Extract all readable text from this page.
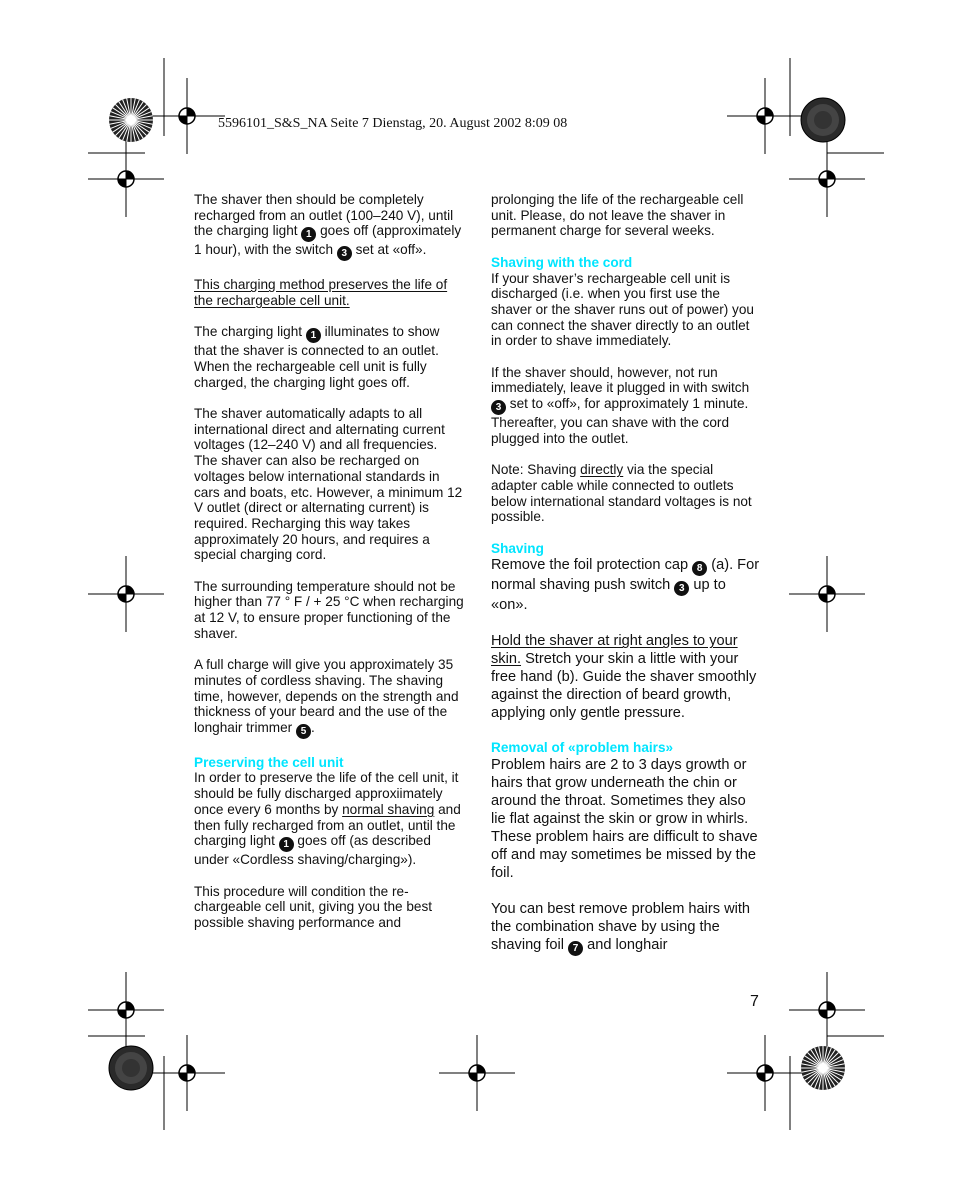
5596101_S&S_NA Seite 7 Dienstag, 20. August 2002 8:09 08

The shaver then should be completely recharged from an outlet (100–240 V), until the charging light 1 goes off (approximately 1 hour), with the switch 3 set at «off».

This charging method preserves the life of the rechargeable cell unit.

The charging light 1 illuminates to show that the shaver is connected to an outlet. When the rechargeable cell unit is fully charged, the charging light goes off.

The shaver automatically adapts to all international direct and alternating current voltages (12–240 V) and all frequencies. The shaver can also be recharged on voltages below international standards in cars and boats, etc. However, a minimum 12 V outlet (direct or alternating current) is required. Recharging this way takes approximately 20 hours, and requires a special charging cord.

The surrounding temperature should not be higher than 77 ° F / + 25 °C when recharging at 12 V, to ensure proper functioning of the shaver.

A full charge will give you approximately 35 minutes of cordless shaving. The shaving time, however, depends on the strength and thickness of your beard and the use of the longhair trimmer 5 .

Preserving the cell unit

In order to preserve the life of the cell unit, it should be fully discharged approxiimately once every 6 months by normal shaving and then fully recharged from an outlet, until the charging light 1 goes off (as described under «Cordless shaving/charging»).

This procedure will condition the rechargeable cell unit, giving you the best possible shaving performance and

prolonging the life of the rechargeable cell unit. Please, do not leave the shaver in permanent charge for several weeks.

Shaving with the cord

If your shaver’s rechargeable cell unit is discharged (i.e. when you first use the shaver or the shaver runs out of power) you can connect the shaver directly to an outlet in order to shave immediately.

If the shaver should, however, not run immediately, leave it plugged in with switch 3 set to «off», for approximately 1 minute. Thereafter, you can shave with the cord plugged into the outlet.

Note: Shaving directly via the special adapter cable while connected to outlets below international standard voltages is not possible.

Shaving

Remove the foil protection cap 8 (a). For normal shaving push switch 3 up to «on».

Hold the shaver at right angles to your skin. Stretch your skin a little with your free hand (b). Guide the shaver smoothly against the direction of beard growth, applying only gentle pressure.

Removal of «problem hairs»

Problem hairs are 2 to 3 days growth or hairs that grow underneath the chin or around the throat. Sometimes they also lie flat against the skin or grow in whirls. These problem hairs are difficult to shave off and may sometimes be missed by the foil.

You can best remove problem hairs with the combination shave by using the shaving foil 7 and longhair

7
